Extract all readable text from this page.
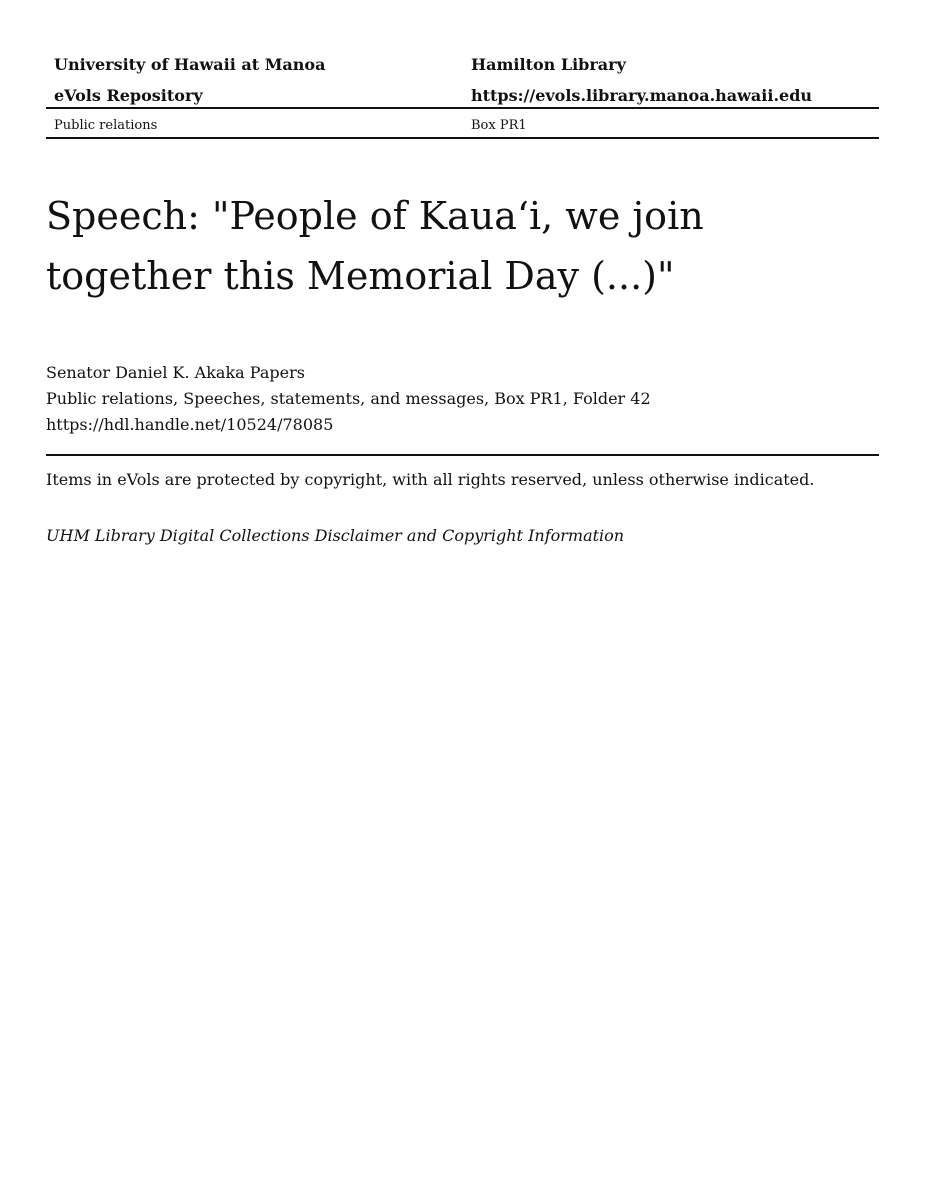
University of Hawaii at Manoa	Hamilton Library
eVols Repository	https://evols.library.manoa.hawaii.edu
Public relations	Box PR1
Speech: "People of Kaua‘i, we join together this Memorial Day (...)"
Senator Daniel K. Akaka Papers
Public relations, Speeches, statements, and messages, Box PR1, Folder 42
https://hdl.handle.net/10524/78085
Items in eVols are protected by copyright, with all rights reserved, unless otherwise indicated.
UHM Library Digital Collections Disclaimer and Copyright Information
